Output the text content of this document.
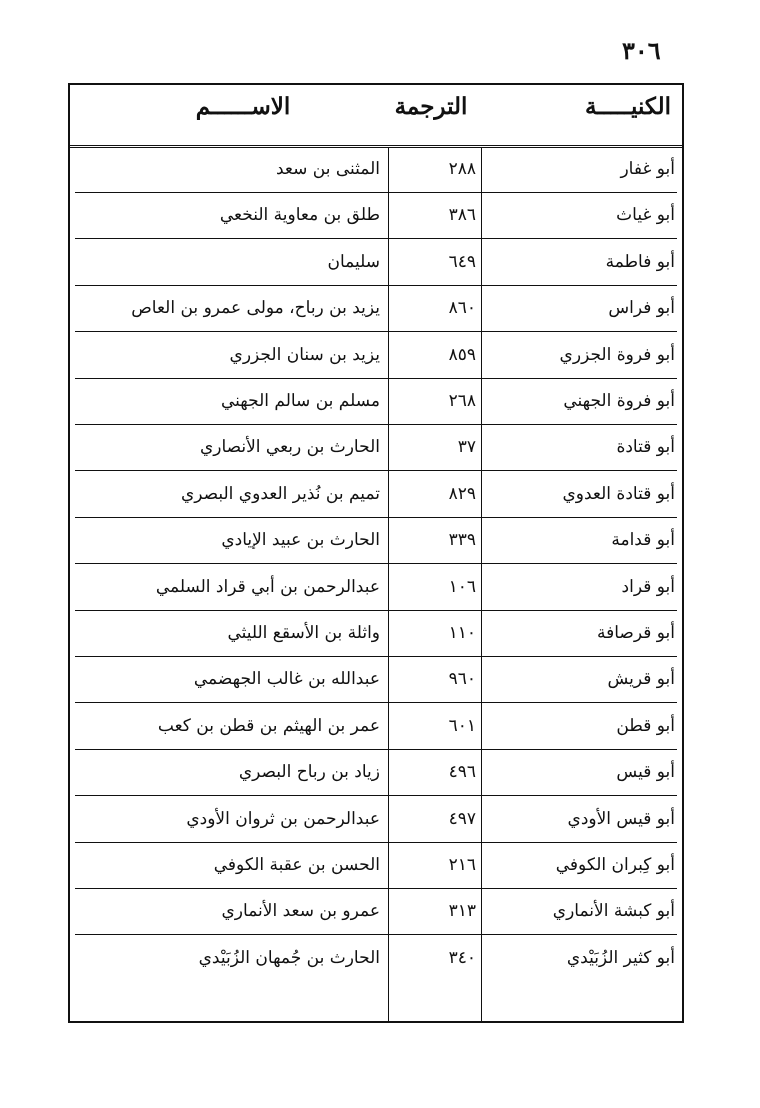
٣٠٦
الكنيـــــة
الترجمة
الاســــــم
أبو غفار
٢٨٨
المثنى بن سعد
أبو غياث
٣٨٦
طلق بن معاوية النخعي
أبو فاطمة
٦٤٩
سليمان
أبو فراس
٨٦٠
يزيد بن رباح، مولى عمرو بن العاص
أبو فروة الجزري
٨٥٩
يزيد بن سنان الجزري
أبو فروة الجهني
٢٦٨
مسلم بن سالم الجهني
أبو قتادة
٣٧
الحارث بن ربعي الأنصاري
أبو قتادة العدوي
٨٢٩
تميم بن نُذير العدوي البصري
أبو قدامة
٣٣٩
الحارث بن عبيد الإيادي
أبو قراد
١٠٦
عبدالرحمن بن أبي قراد السلمي
أبو قرصافة
١١٠
واثلة بن الأسقع الليثي
أبو قريش
٩٦٠
عبدالله بن غالب الجهضمي
أبو قطن
٦٠١
عمر بن الهيثم بن قطن بن كعب
أبو قيس
٤٩٦
زياد بن رباح البصري
أبو قيس الأودي
٤٩٧
عبدالرحمن بن ثروان الأودي
أبو كِبران الكوفي
٢١٦
الحسن بن عقبة الكوفي
أبو كبشة الأنماري
٣١٣
عمرو بن سعد الأنماري
أبو كثير الزُبَيْدي
٣٤٠
الحارث بن جُمهان الزُبَيْدي
